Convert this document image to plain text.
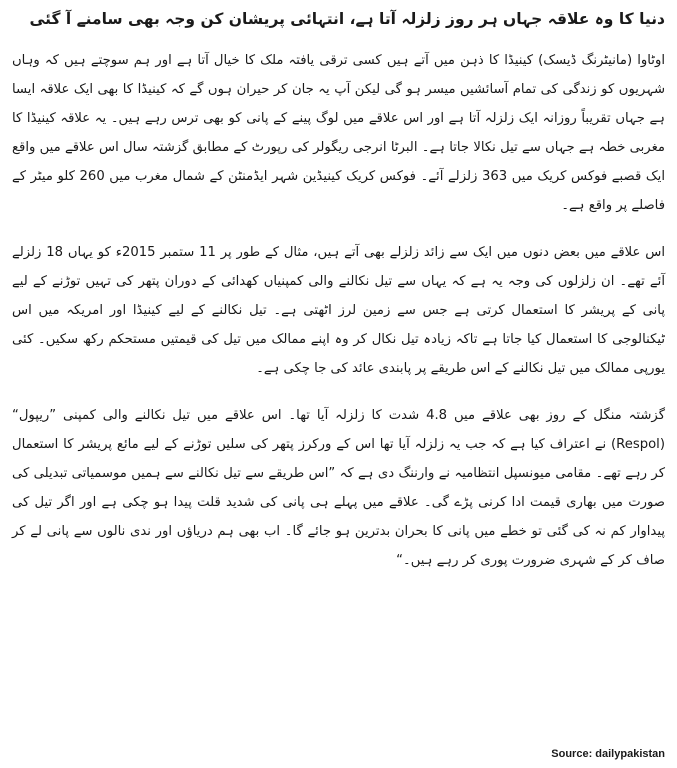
دنیا کا وہ علاقہ جہاں ہر روز زلزلہ آتا ہے، انتہائی پریشان کن وجہ بھی سامنے آ گئی

اوٹاوا (مانیٹرنگ ڈیسک) کینیڈا کا ذہن میں آتے ہیں کسی ترقی یافتہ ملک کا خیال آتا ہے اور ہم سوچتے ہیں کہ وہاں شہریوں کو زندگی کی تمام آسائشیں میسر ہو گی لیکن آپ یہ جان کر حیران ہوں گے کہ کینیڈا کا بھی ایک علاقہ ایسا ہے جہاں تقریباً روزانہ ایک زلزلہ آتا ہے اور اس علاقے میں لوگ پینے کے پانی کو بھی ترس رہے ہیں۔ یہ علاقہ کینیڈا کا مغربی خطہ ہے جہاں سے تیل نکالا جاتا ہے۔ البرٹا انرجی ریگولر کی رپورٹ کے مطابق گزشتہ سال اس علاقے میں واقع ایک قصبے فوکس کریک میں 363 زلزلے آئے۔ فوکس کریک کینیڈین شہر ایڈمنٹن کے شمال مغرب میں 260 کلو میٹر کے فاصلے پر واقع ہے۔

اس علاقے میں بعض دنوں میں ایک سے زائد زلزلے بھی آتے ہیں، مثال کے طور پر 11 ستمبر 2015ء کو یہاں 18 زلزلے آئے تھے۔ ان زلزلوں کی وجہ یہ ہے کہ یہاں سے تیل نکالنے والی کمپنیاں کھدائی کے دوران پتھر کی تہیں توڑنے کے لیے پانی کے پریشر کا استعمال کرتی ہے جس سے زمین لرز اٹھتی ہے۔ تیل نکالنے کے لیے کینیڈا اور امریکہ میں اس ٹیکنالوجی کا استعمال کیا جاتا ہے تاکہ زیادہ تیل نکال کر وہ اپنے ممالک میں تیل کی قیمتیں مستحکم رکھ سکیں۔ کئی یورپی ممالک میں تیل نکالنے کے اس طریقے پر پابندی عائد کی جا چکی ہے۔

گزشتہ منگل کے روز بھی علاقے میں 4.8 شدت کا زلزلہ آیا تھا۔ اس علاقے میں تیل نکالنے والی کمپنی ”ریپول“ (Respol) نے اعتراف کیا ہے کہ جب یہ زلزلہ آیا تھا اس کے ورکرز پتھر کی سلیں توڑنے کے لیے مائع پریشر کا استعمال کر رہے تھے۔ مقامی میونسپل انتظامیہ نے وارننگ دی ہے کہ ”اس طریقے سے تیل نکالنے سے ہمیں موسمیاتی تبدیلی کی صورت میں بھاری قیمت ادا کرنی پڑے گی۔ علاقے میں پہلے ہی پانی کی شدید قلت پیدا ہو چکی ہے اور اگر تیل کی پیداوار کم نہ کی گئی تو خطے میں پانی کا بحران بدترین ہو جائے گا۔ اب بھی ہم دریاؤں اور ندی نالوں سے پانی لے کر صاف کر کے شہری ضرورت پوری کر رہے ہیں۔“

Source: dailypakistan
